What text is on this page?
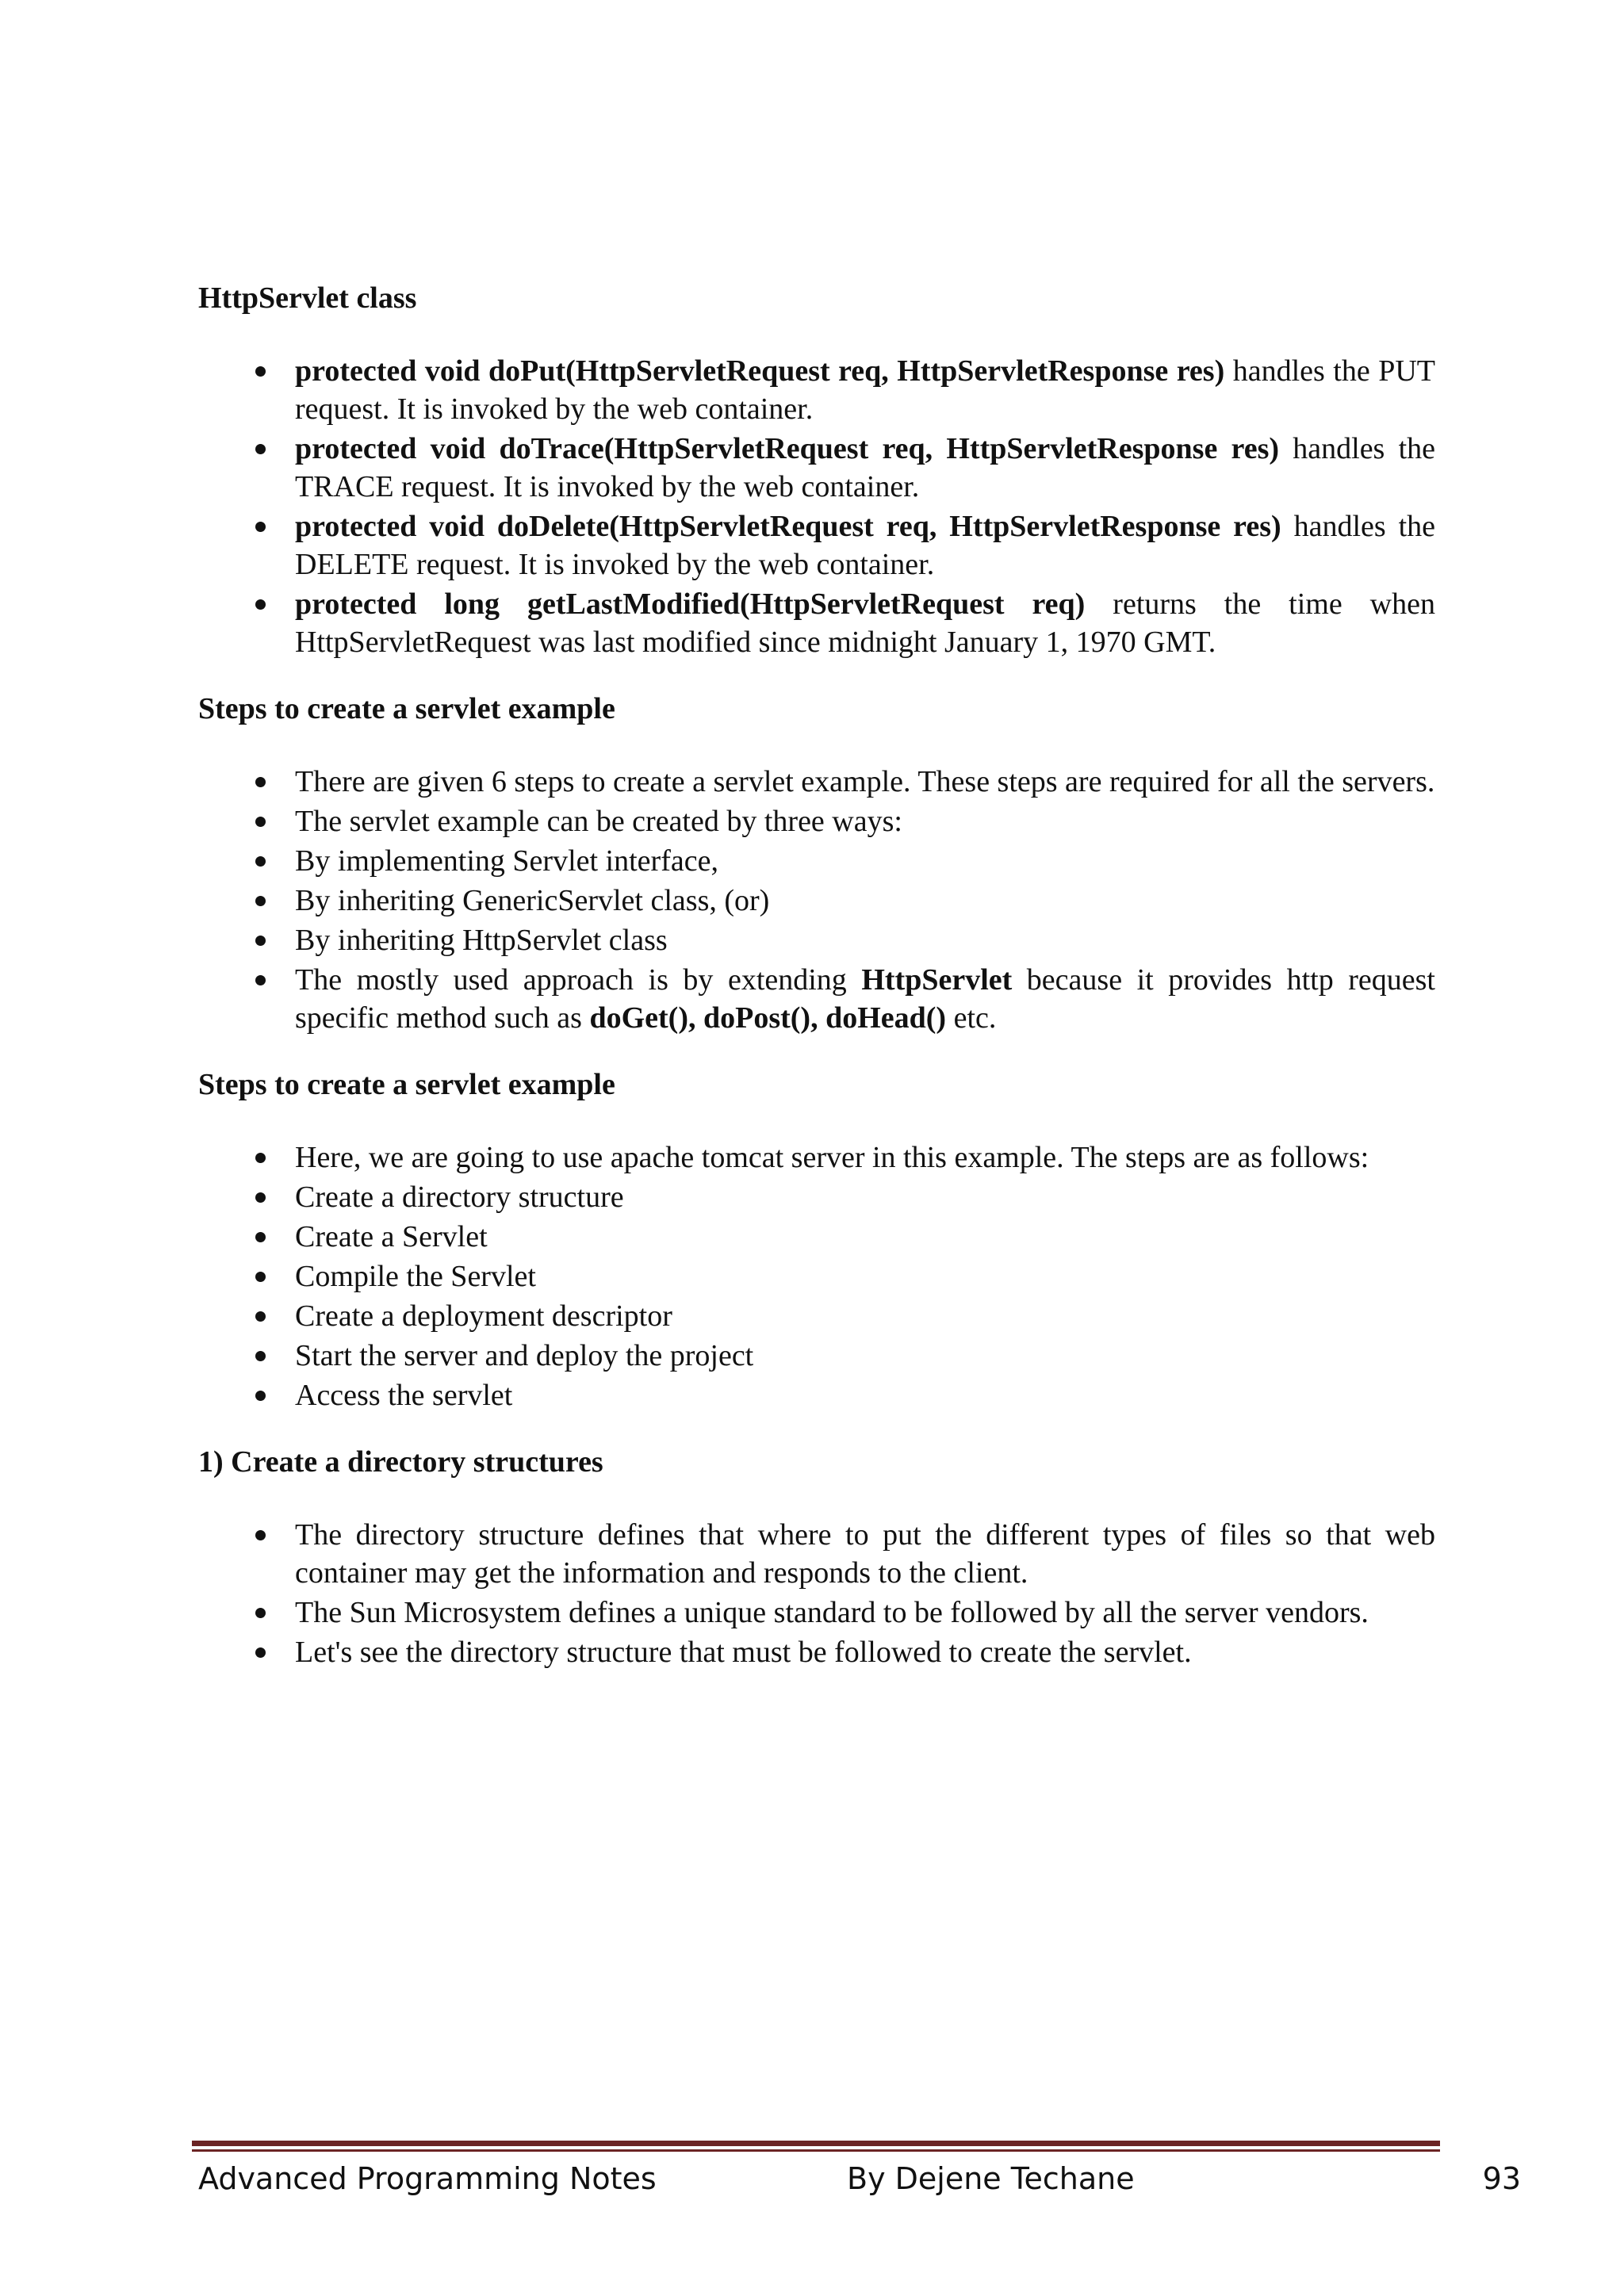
HttpServlet class
protected void doPut(HttpServletRequest req, HttpServletResponse res) handles the PUT request. It is invoked by the web container.
protected void doTrace(HttpServletRequest req, HttpServletResponse res) handles the TRACE request. It is invoked by the web container.
protected void doDelete(HttpServletRequest req, HttpServletResponse res) handles the DELETE request. It is invoked by the web container.
protected long getLastModified(HttpServletRequest req) returns the time when HttpServletRequest was last modified since midnight January 1, 1970 GMT.
Steps to create a servlet example
There are given 6 steps to create a servlet example. These steps are required for all the servers.
The servlet example can be created by three ways:
By implementing Servlet interface,
By inheriting GenericServlet class, (or)
By inheriting HttpServlet class
The mostly used approach is by extending HttpServlet because it provides http request specific method such as doGet(), doPost(), doHead() etc.
Steps to create a servlet example
Here, we are going to use apache tomcat server in this example. The steps are as follows:
Create a directory structure
Create a Servlet
Compile the Servlet
Create a deployment descriptor
Start the server and deploy the project
Access the servlet
1) Create a directory structures
The directory structure defines that where to put the different types of files so that web container may get the information and responds to the client.
The Sun Microsystem defines a unique standard to be followed by all the server vendors.
Let's see the directory structure that must be followed to create the servlet.
Advanced Programming Notes	By Dejene Techane	93
